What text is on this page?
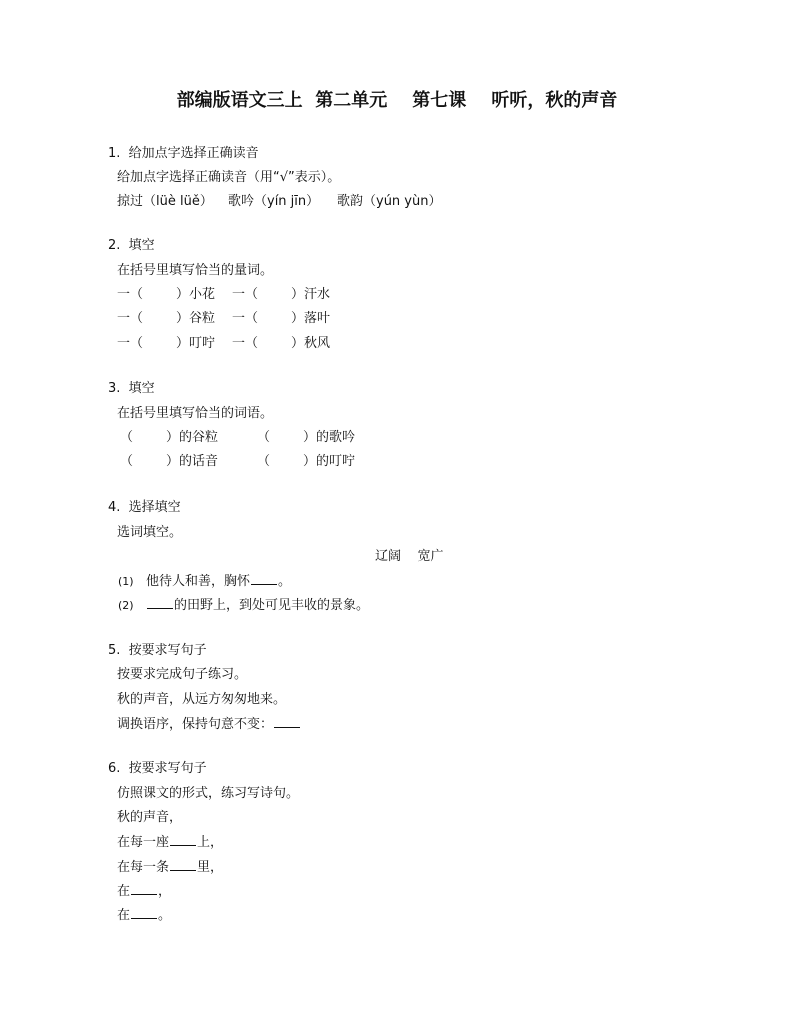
部编版语文三上  第二单元    第七课    听听，秋的声音
1.  给加点字选择正确读音
给加点字选择正确读音（用“√”表示）。
掠过（lüè lüě） 歌吟（yín jīn） 歌韵（yún yùn）
2.  填空
在括号里填写恰当的量词。
一（        ）小花 一（        ）汗水
一（        ）谷粒 一（        ）落叶
一（        ）叮咛 一（        ）秋风
3.  填空
在括号里填写恰当的词语。
（        ）的谷粒	（        ）的歌吟
（        ）的话音	（        ）的叮咛
4.  选择填空
选词填空。
辽阔    宽广
(1) 他待人和善，胸怀 。
(2)	的田野上，到处可见丰收的景象。
5.  按要求写句子
按要求完成句子练习。
秋的声音，从远方匆匆地来。
调换语序，保持句意不变：
6.  按要求写句子
仿照课文的形式，练习写诗句。
秋的声音，
在每一座 上，
在每一条 里，
在 ，
在 。
